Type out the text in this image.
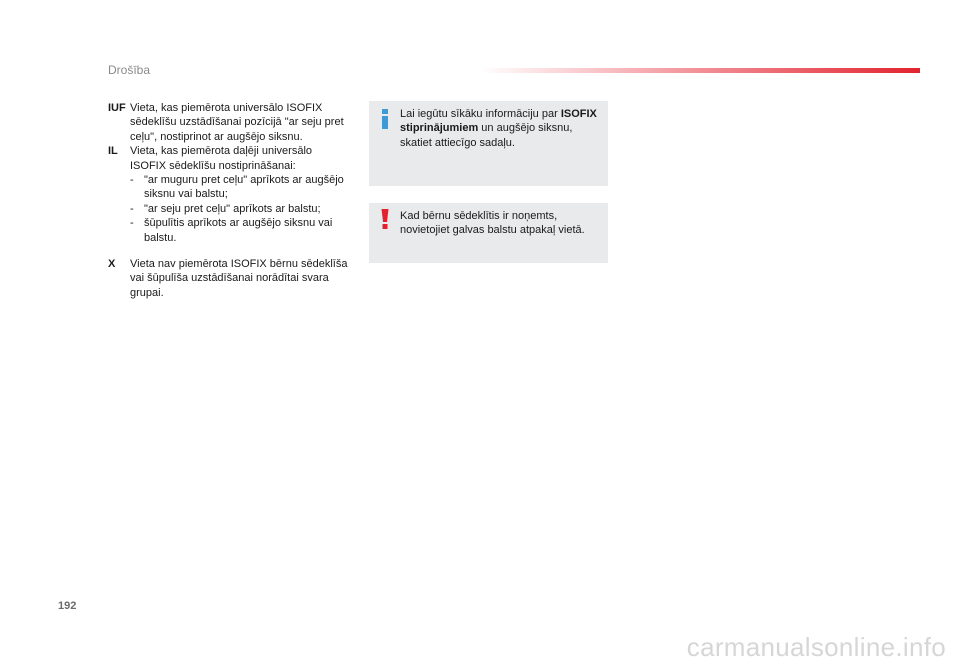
Drošība
IUF Vieta, kas piemērota universālo ISOFIX sēdeklīšu uzstādīšanai pozīcijā "ar seju pret ceļu", nostiprinot ar augšējo siksnu.
IL	Vieta, kas piemērota daļēji universālo ISOFIX sēdeklīšu nostiprināšanai:
- "ar muguru pret ceļu" aprīkots ar augšējo siksnu vai balstu;
- "ar seju pret ceļu" aprīkots ar balstu;
- šūpulītis aprīkots ar augšējo siksnu vai balstu.
X	Vieta nav piemērota ISOFIX bērnu sēdeklīša vai šūpulīša uzstādīšanai norādītai svara grupai.
Lai iegūtu sīkāku informāciju par ISOFIX stiprinājumiem un augšējo siksnu, skatiet attiecīgo sadaļu.
Kad bērnu sēdeklītis ir noņemts, novietojiet galvas balstu atpakaļ vietā.
192
carmanualsonline.info
